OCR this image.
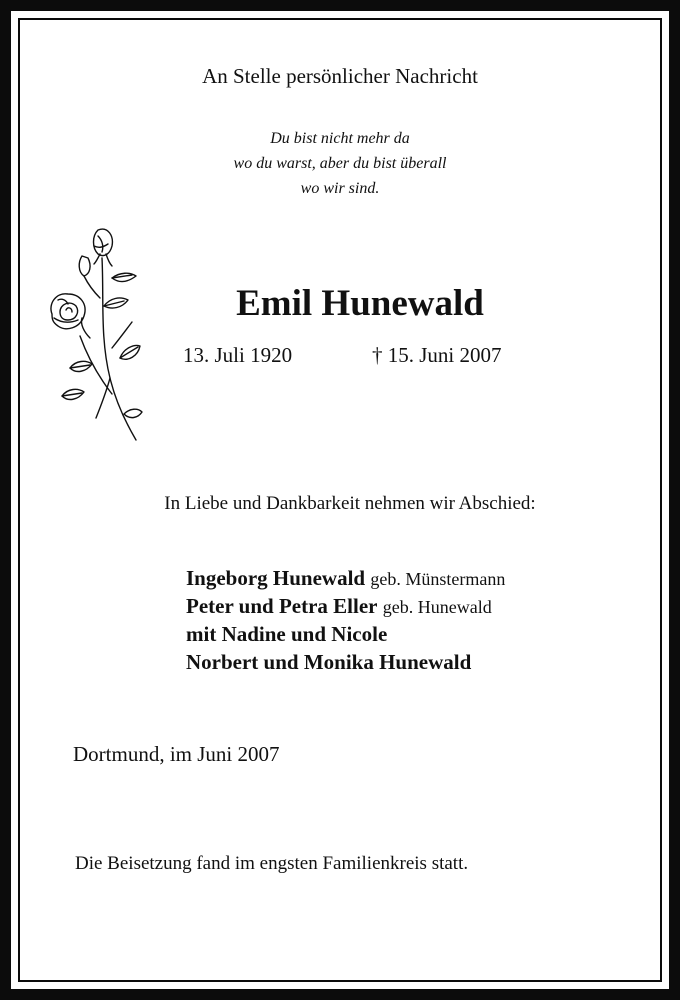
An Stelle persönlicher Nachricht
Du bist nicht mehr da
wo du warst, aber du bist überall
wo wir sind.
Emil Hunewald
13. Juli 1920	† 15. Juni 2007
In Liebe und Dankbarkeit nehmen wir Abschied:
Ingeborg Hunewald geb. Münstermann
Peter und Petra Eller geb. Hunewald
mit Nadine und Nicole
Norbert und Monika Hunewald
Dortmund, im Juni 2007
Die Beisetzung fand im engsten Familienkreis statt.
